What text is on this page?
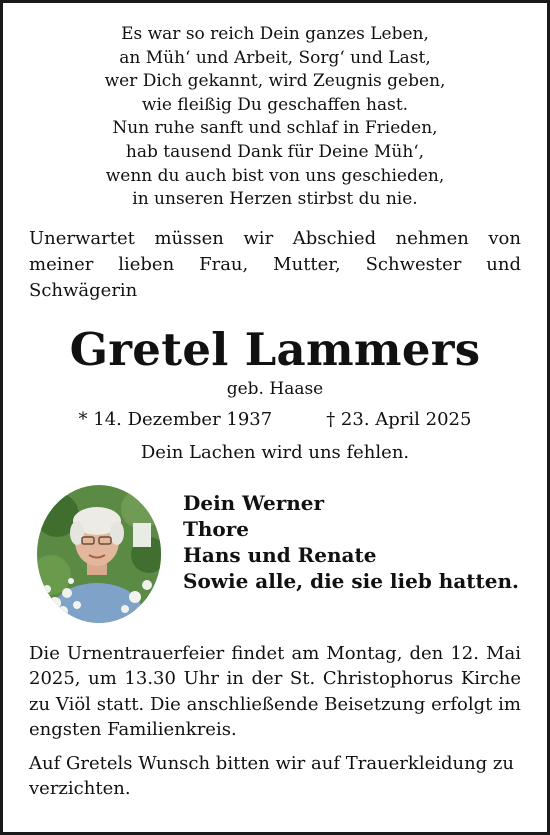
Es war so reich Dein ganzes Leben,
an Müh‘ und Arbeit, Sorg‘ und Last,
wer Dich gekannt, wird Zeugnis geben,
wie fleißig Du geschaffen hast.
Nun ruhe sanft und schlaf in Frieden,
hab tausend Dank für Deine Müh‘,
wenn du auch bist von uns geschieden,
in unseren Herzen stirbst du nie.

Unerwartet müssen wir Abschied nehmen von meiner lieben Frau, Mutter, Schwester und Schwägerin

Gretel Lammers
geb. Haase
* 14. Dezember 1937	† 23. April 2025
Dein Lachen wird uns fehlen.
Dein Werner
Thore
Hans und Renate
Sowie alle, die sie lieb hatten.
Die Urnentrauerfeier findet am Montag, den 12. Mai 2025, um 13.30 Uhr in der St. Christophorus Kirche zu Viöl statt. Die anschließende Beisetzung erfolgt im engsten Familienkreis.
Auf Gretels Wunsch bitten wir auf Trauerkleidung zu verzichten.
